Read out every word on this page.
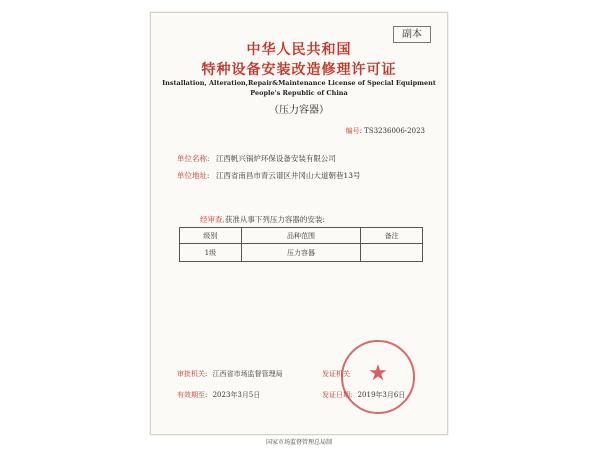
副本
中华人民共和国
特种设备安装改造修理许可证
Installation, Alteration,Repair&Maintenance License of Special Equipment
People's Republic of China
（压力容器）
编号: TS3236006-2023
单位名称: 江西帆兴锅炉环保设备安装有限公司
单位地址: 江西省南昌市青云谱区井冈山大道朝巷13号
经审查,获准从事下列压力容器的安装:
级别	品种范围	备注
1级	压力容器	
审批机关: 江西省市场监督管理局
有效期至: 2023年3月5日
发证机关
发证日期: 2019年3月6日
★
国家市场监督管理总局制
